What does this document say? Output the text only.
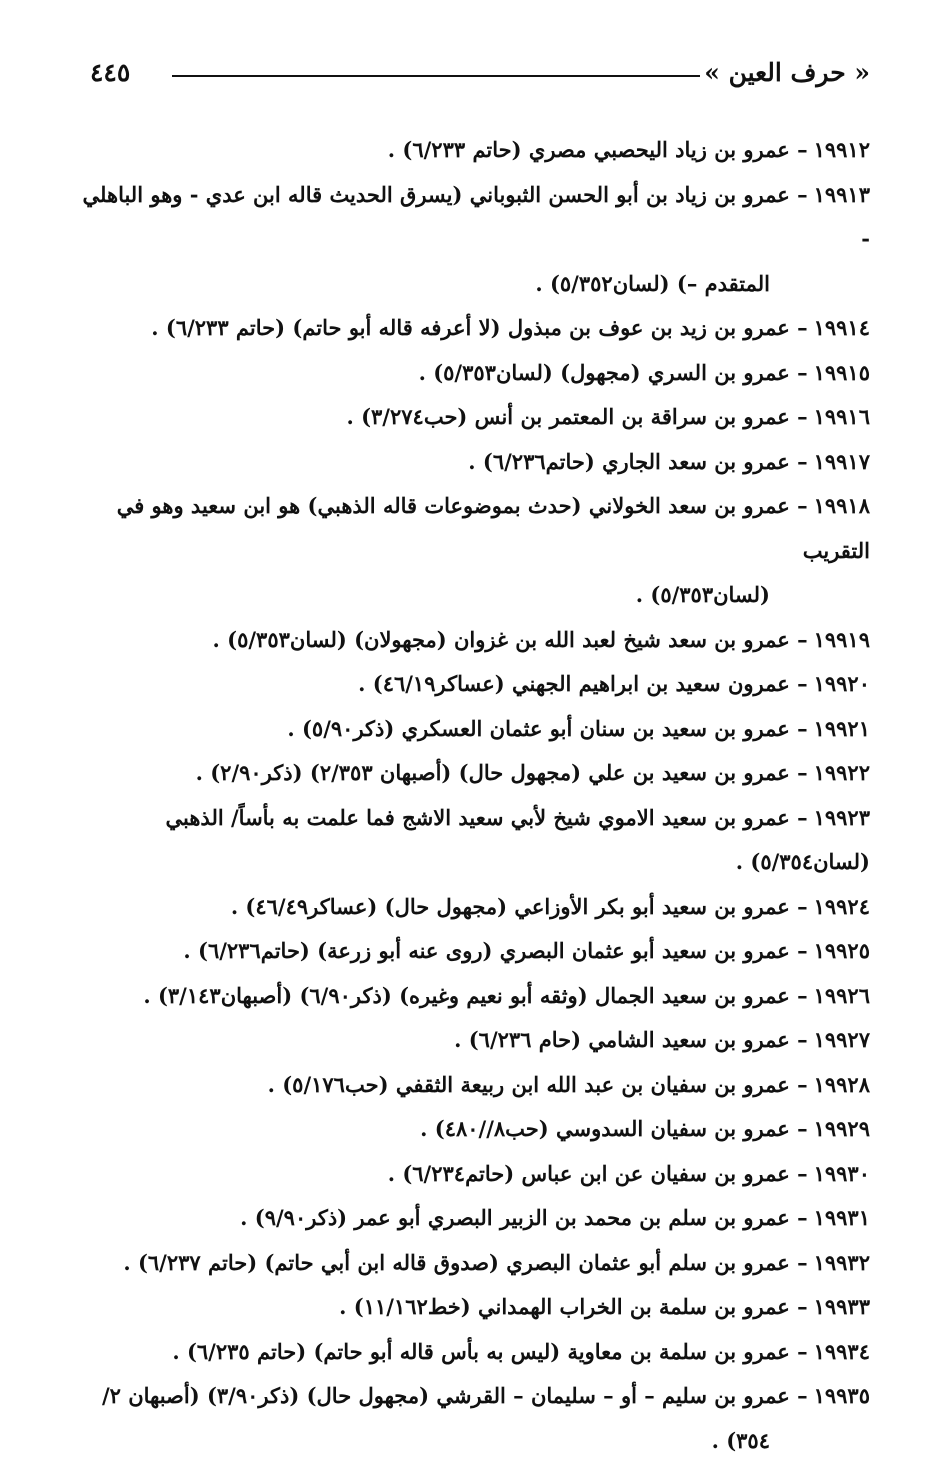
« حرف العين »
٤٤٥
١٩٩١٢– عمرو بن زياد اليحصبي مصري (حاتم ٦/٢٣٣) .
١٩٩١٣– عمرو بن زياد بن أبو الحسن الثبوباني (يسرق الحديث قاله ابن عدي - وهو الباهلي -
المتقدم –) (لسان٥/٣٥٢) .
١٩٩١٤– عمرو بن زيد بن عوف بن مبذول (لا أعرفه قاله أبو حاتم) (حاتم ٦/٢٣٣) .
١٩٩١٥– عمرو بن السري (مجهول) (لسان٥/٣٥٣) .
١٩٩١٦– عمرو بن سراقة بن المعتمر بن أنس (حب٣/٢٧٤) .
١٩٩١٧– عمرو بن سعد الجاري (حاتم٦/٢٣٦) .
١٩٩١٨– عمرو بن سعد الخولاني (حدث بموضوعات قاله الذهبي) هو ابن سعيد وهو في التقريب
(لسان٥/٣٥٣) .
١٩٩١٩– عمرو بن سعد شيخ لعبد الله بن غزوان (مجهولان) (لسان٥/٣٥٣) .
١٩٩٢٠– عمرون سعيد بن ابراهيم الجهني (عساكر٤٦/١٩) .
١٩٩٢١– عمرو بن سعيد بن سنان أبو عثمان العسكري (ذكر٥/٩٠) .
١٩٩٢٢– عمرو بن سعيد بن علي (مجهول حال) (أصبهان ٢/٣٥٣) (ذكر٢/٩٠) .
١٩٩٢٣– عمرو بن سعيد الاموي شيخ لأبي سعيد الاشج فما علمت به بأساً/ الذهبي (لسان٥/٣٥٤) .
١٩٩٢٤– عمرو بن سعيد أبو بكر الأوزاعي (مجهول حال) (عساكر٤٦/٤٩) .
١٩٩٢٥– عمرو بن سعيد أبو عثمان البصري (روى عنه أبو زرعة) (حاتم٦/٢٣٦) .
١٩٩٢٦– عمرو بن سعيد الجمال (وثقه أبو نعيم وغيره) (ذكر٦/٩٠) (أصبهان٣/١٤٣) .
١٩٩٢٧– عمرو بن سعيد الشامي (حام ٦/٢٣٦) .
١٩٩٢٨– عمرو بن سفيان بن عبد الله ابن ربيعة الثقفي (حب٥/١٧٦) .
١٩٩٢٩– عمرو بن سفيان السدوسي (حب٨//٤٨٠) .
١٩٩٣٠– عمرو بن سفيان عن ابن عباس (حاتم٦/٢٣٤) .
١٩٩٣١– عمرو بن سلم بن محمد بن الزبير البصري أبو عمر (ذكر٩/٩٠) .
١٩٩٣٢– عمرو بن سلم أبو عثمان البصري (صدوق قاله ابن أبي حاتم) (حاتم ٦/٢٣٧) .
١٩٩٣٣– عمرو بن سلمة بن الخراب الهمداني (خط١١/١٦٢) .
١٩٩٣٤– عمرو بن سلمة بن معاوية (ليس به بأس قاله أبو حاتم) (حاتم ٦/٢٣٥) .
١٩٩٣٥– عمرو بن سليم – أو – سليمان – القرشي (مجهول حال) (ذكر٣/٩٠) (أصبهان ٢/
٣٥٤) .
